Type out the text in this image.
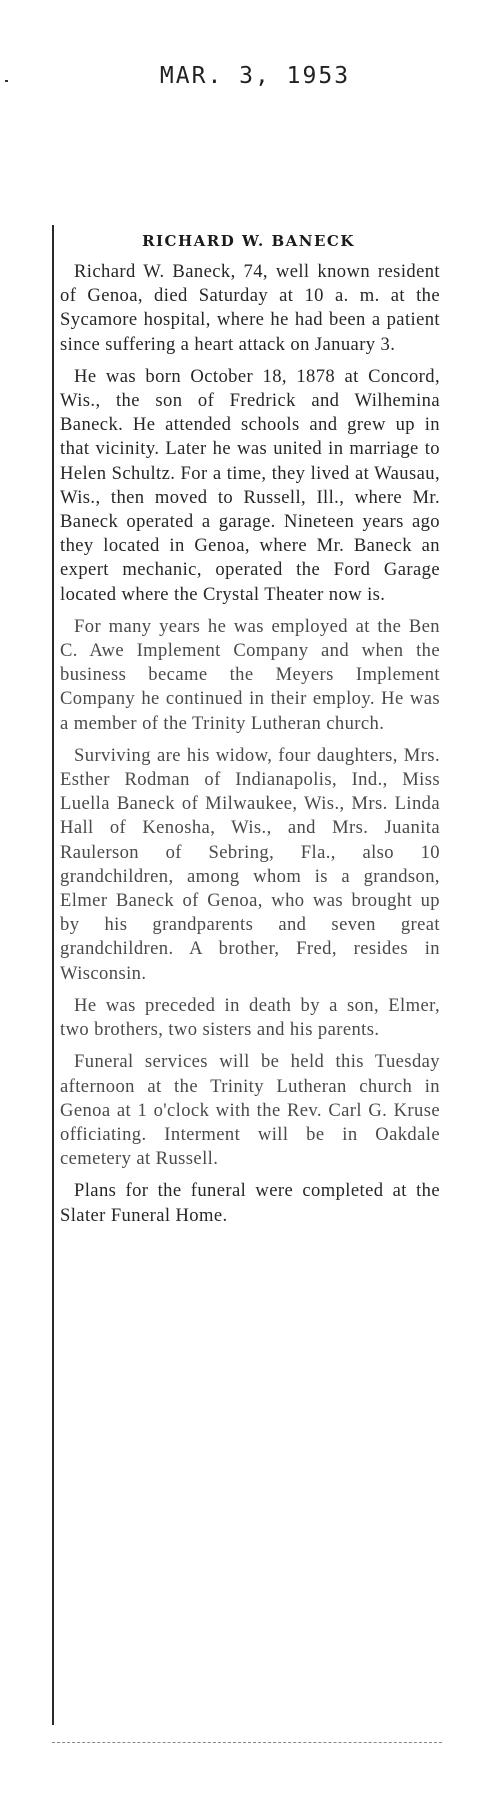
MAR. 3, 1953
RICHARD W. BANECK

Richard W. Baneck, 74, well known resident of Genoa, died Saturday at 10 a. m. at the Sycamore hospital, where he had been a patient since suffering a heart attack on January 3.

He was born October 18, 1878 at Concord, Wis., the son of Fredrick and Wilhemina Baneck. He attended schools and grew up in that vicinity. Later he was united in marriage to Helen Schultz. For a time, they lived at Wausau, Wis., then moved to Russell, Ill., where Mr. Baneck operated a garage. Nineteen years ago they located in Genoa, where Mr. Baneck an expert mechanic, operated the Ford Garage located where the Crystal Theater now is.

For many years he was employed at the Ben C. Awe Implement Company and when the business became the Meyers Implement Company he continued in their employ. He was a member of the Trinity Lutheran church.

Surviving are his widow, four daughters, Mrs. Esther Rodman of Indianapolis, Ind., Miss Luella Baneck of Milwaukee, Wis., Mrs. Linda Hall of Kenosha, Wis., and Mrs. Juanita Raulerson of Sebring, Fla., also 10 grandchildren, among whom is a grandson, Elmer Baneck of Genoa, who was brought up by his grandparents and seven great grandchildren. A brother, Fred, resides in Wisconsin.

He was preceded in death by a son, Elmer, two brothers, two sisters and his parents.

Funeral services will be held this Tuesday afternoon at the Trinity Lutheran church in Genoa at 1 o'clock with the Rev. Carl G. Kruse officiating. Interment will be in Oakdale cemetery at Russell.

Plans for the funeral were completed at the Slater Funeral Home.
